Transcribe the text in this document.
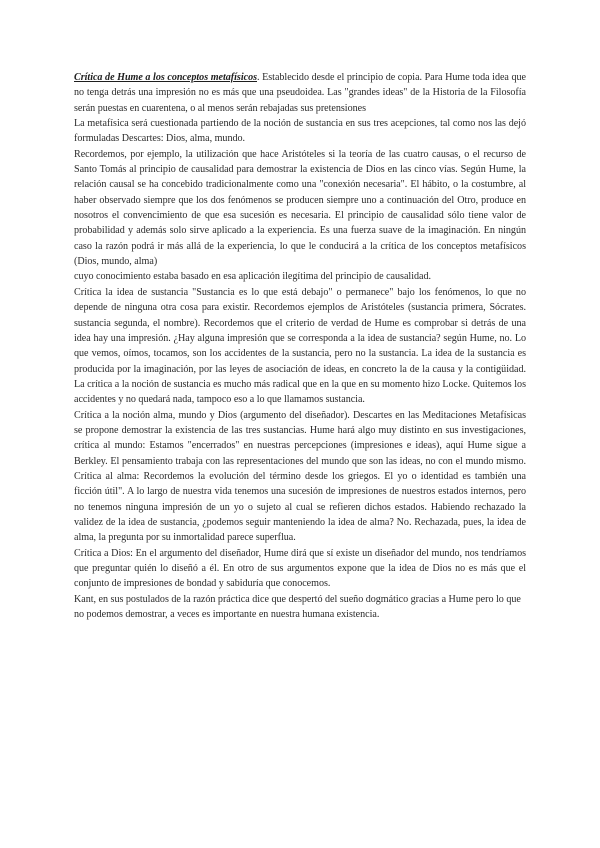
Crítica de Hume a los conceptos metafísicos. Establecido desde el principio de copia. Para Hume toda idea que no tenga detrás una impresión no es más que una pseudoidea. Las "grandes ideas" de la Historia de la Filosofía serán puestas en cuarentena, o al menos serán rebajadas sus pretensiones

La metafísica será cuestionada partiendo de la noción de sustancia en sus tres acepciones, tal como nos las dejó formuladas Descartes: Dios, alma, mundo.

Recordemos, por ejemplo, la utilización que hace Aristóteles si la teoría de las cuatro causas, o el recurso de Santo Tomás al principio de causalidad para demostrar la existencia de Dios en las cinco vías. Según Hume, la relación causal se ha concebido tradicionalmente como una "conexión necesaria". El hábito, o la costumbre, al haber observado siempre que los dos fenómenos se producen siempre uno a continuación del Otro, produce en nosotros el convencimiento de que esa sucesión es necesaria. El principio de causalidad sólo tiene valor de probabilidad y además solo sirve aplicado a la experiencia. Es una fuerza suave de la imaginación. En ningún caso la razón podrá ir más allá de la experiencia, lo que le conducirá a la crítica de los conceptos metafísicos (Dios, mundo, alma)

cuyo conocimiento estaba basado en esa aplicación ilegítima del principio de causalidad.

Crítica la idea de sustancia "Sustancia es lo que está debajo" o permanece" bajo los fenómenos, lo que no depende de ninguna otra cosa para existir. Recordemos ejemplos de Aristóteles (sustancia primera, Sócrates. sustancia segunda, el nombre). Recordemos que el criterio de verdad de Hume es comprobar si detrás de una idea hay una impresión. ¿Hay alguna impresión que se corresponda a la idea de sustancia? según Hume, no. Lo que vemos, oímos, tocamos, son los accidentes de la sustancia, pero no la sustancia. La idea de la sustancia es producida por la imaginación, por las leyes de asociación de ideas, en concreto la de la causa y la contigüidad. La crítica a la noción de sustancia es mucho más radical que en la que en su momento hizo Locke. Quitemos los accidentes y no quedará nada, tampoco eso a lo que llamamos sustancia.

Crítica a la noción alma, mundo y Dios (argumento del diseñador). Descartes en las Meditaciones Metafísicas se propone demostrar la existencia de las tres sustancias. Hume hará algo muy distinto en sus investigaciones, crítica al mundo: Estamos "encerrados" en nuestras percepciones (impresiones e ideas), aquí Hume sigue a Berkley. El pensamiento trabaja con las representaciones del mundo que son las ideas, no con el mundo mismo. Crítica al alma: Recordemos la evolución del término desde los griegos. El yo o identidad es también una ficción útil". A lo largo de nuestra vida tenemos una sucesión de impresiones de nuestros estados internos, pero no tenemos ninguna impresión de un yo o sujeto al cual se refieren dichos estados. Habiendo rechazado la validez de la idea de sustancia, ¿podemos seguir manteniendo la idea de alma? No. Rechazada, pues, la idea de alma, la pregunta por su inmortalidad parece superflua.

Crítica a Dios: En el argumento del diseñador, Hume dirá que sí existe un diseñador del mundo, nos tendríamos que preguntar quién lo diseñó a él. En otro de sus argumentos expone que la idea de Dios no es más que el conjunto de impresiones de bondad y sabiduría que conocemos.

Kant, en sus postulados de la razón práctica dice que despertó del sueño dogmático gracias a Hume pero lo que no podemos demostrar, a veces es importante en nuestra humana existencia.
